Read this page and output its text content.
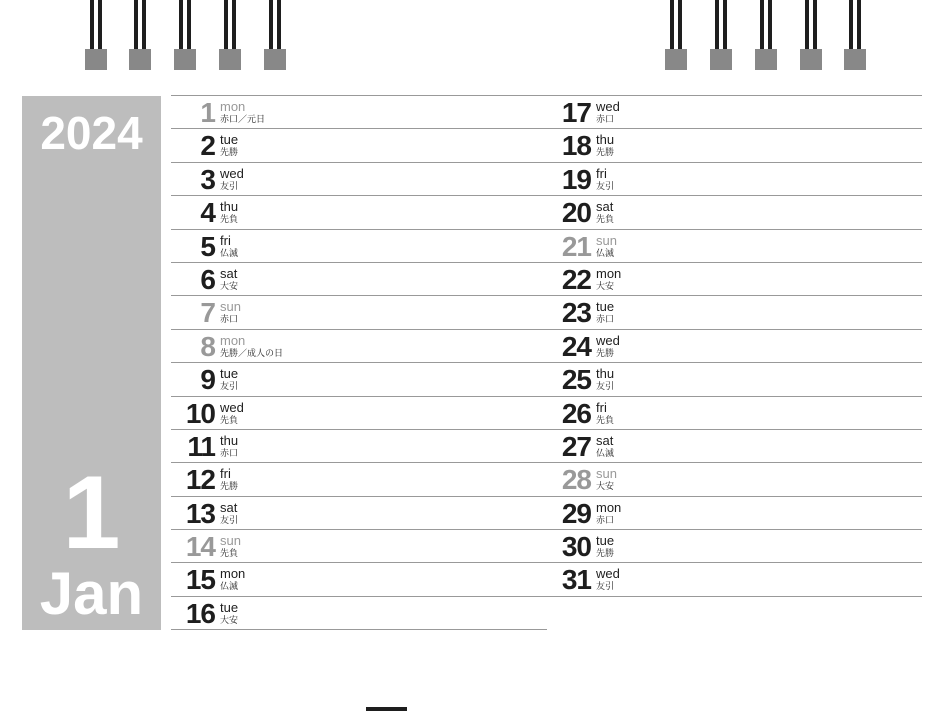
2024
1
Jan
1 mon
赤口／元日
2 tue
先勝
3 wed
友引
4 thu
先負
5 fri
仏滅
6 sat
大安
7 sun
赤口
8 mon
先勝／成人の日
9 tue
友引
10 wed
先負
11 thu
赤口
12 fri
先勝
13 sat
友引
14 sun
先負
15 mon
仏滅
16 tue
大安
17 wed
赤口
18 thu
先勝
19 fri
友引
20 sat
先負
21 sun
仏滅
22 mon
大安
23 tue
赤口
24 wed
先勝
25 thu
友引
26 fri
先負
27 sat
仏滅
28 sun
大安
29 mon
赤口
30 tue
先勝
31 wed
友引
